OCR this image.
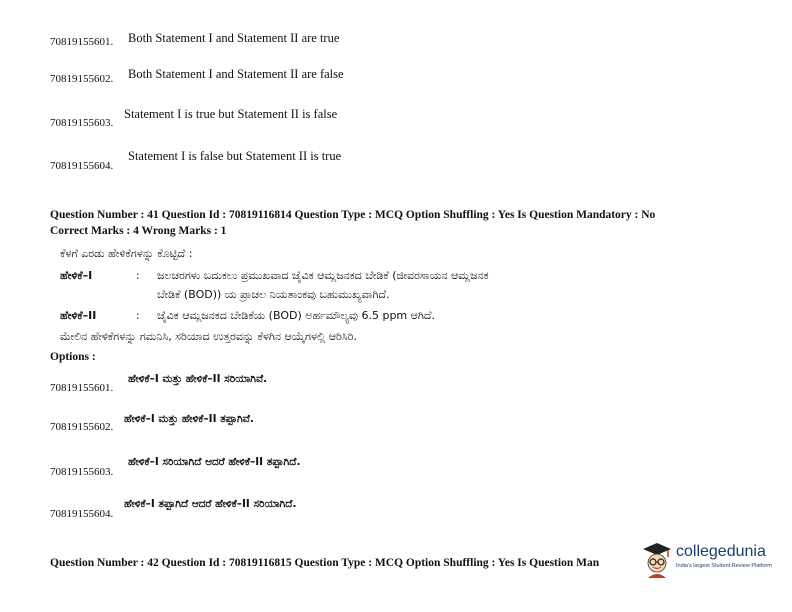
70819155601. Both Statement I and Statement II are true
70819155602. Both Statement I and Statement II are false
70819155603.
Statement I is true but Statement II is false
70819155604.
Statement I is false but Statement II is true
Question Number : 41 Question Id : 70819116814 Question Type : MCQ Option Shuffling : Yes Is Question Mandatory : No
Correct Marks : 4 Wrong Marks : 1
ಕೆಳಗೆ ಎರಡು ಹೇಳಿಕೆಗಳನ್ನು ಕೊಟ್ಟಿದೆ :
ಹೇಳಿಕೆ–I	: ಜಲಚರಗಳು ಬದುಕಲು ಪ್ರಮುಖವಾದ ಜೈವಿಕ ಆಮ್ಲಜನಕದ ಬೇಡಿಕೆ (ಜೀವರಸಾಯನ ಆಮ್ಲಜನಕ
ಬೇಡಿಕೆ (BOD)) ಯ ಪ್ರಾಚಲ ನಿಯತಾಂಕವು ಬಹುಮುಖ್ಯವಾಗಿದೆ.
ಹೇಳಿಕೆ–II	: ಜೈವಿಕ ಆಮ್ಲಜನಕದ ಬೇಡಿಕೆಯ (BOD) ಅರ್ಹಮೌಲ್ಯವು 6.5 ppm ಆಗಿದೆ.
ಮೇಲಿನ ಹೇಳಿಕೆಗಳನ್ನು ಗಮನಿಸಿ, ಸರಿಯಾದ ಉತ್ತರವನ್ನು ಕೆಳಗಿನ ಆಯ್ಕೆಗಳಲ್ಲಿ ಆರಿಸಿರಿ.
Options :
70819155601.
ಹೇಳಿಕೆ–I ಮತ್ತು ಹೇಳಿಕೆ–II ಸರಿಯಾಗಿವೆ.
70819155602.
ಹೇಳಿಕೆ–I ಮತ್ತು ಹೇಳಿಕೆ–II ತಪ್ಪಾಗಿವೆ.
70819155603.
ಹೇಳಿಕೆ–I ಸರಿಯಾಗಿದೆ ಆದರೆ ಹೇಳಿಕೆ–II ತಪ್ಪಾಗಿದೆ.
70819155604.
ಹೇಳಿಕೆ–I ತಪ್ಪಾಗಿದೆ ಆದರೆ ಹೇಳಿಕೆ–II ಸರಿಯಾಗಿದೆ.
Question Number : 42 Question Id : 70819116815 Question Type : MCQ Option Shuffling : Yes Is Question Man
collegedunia
India's largest Student Review Platform
